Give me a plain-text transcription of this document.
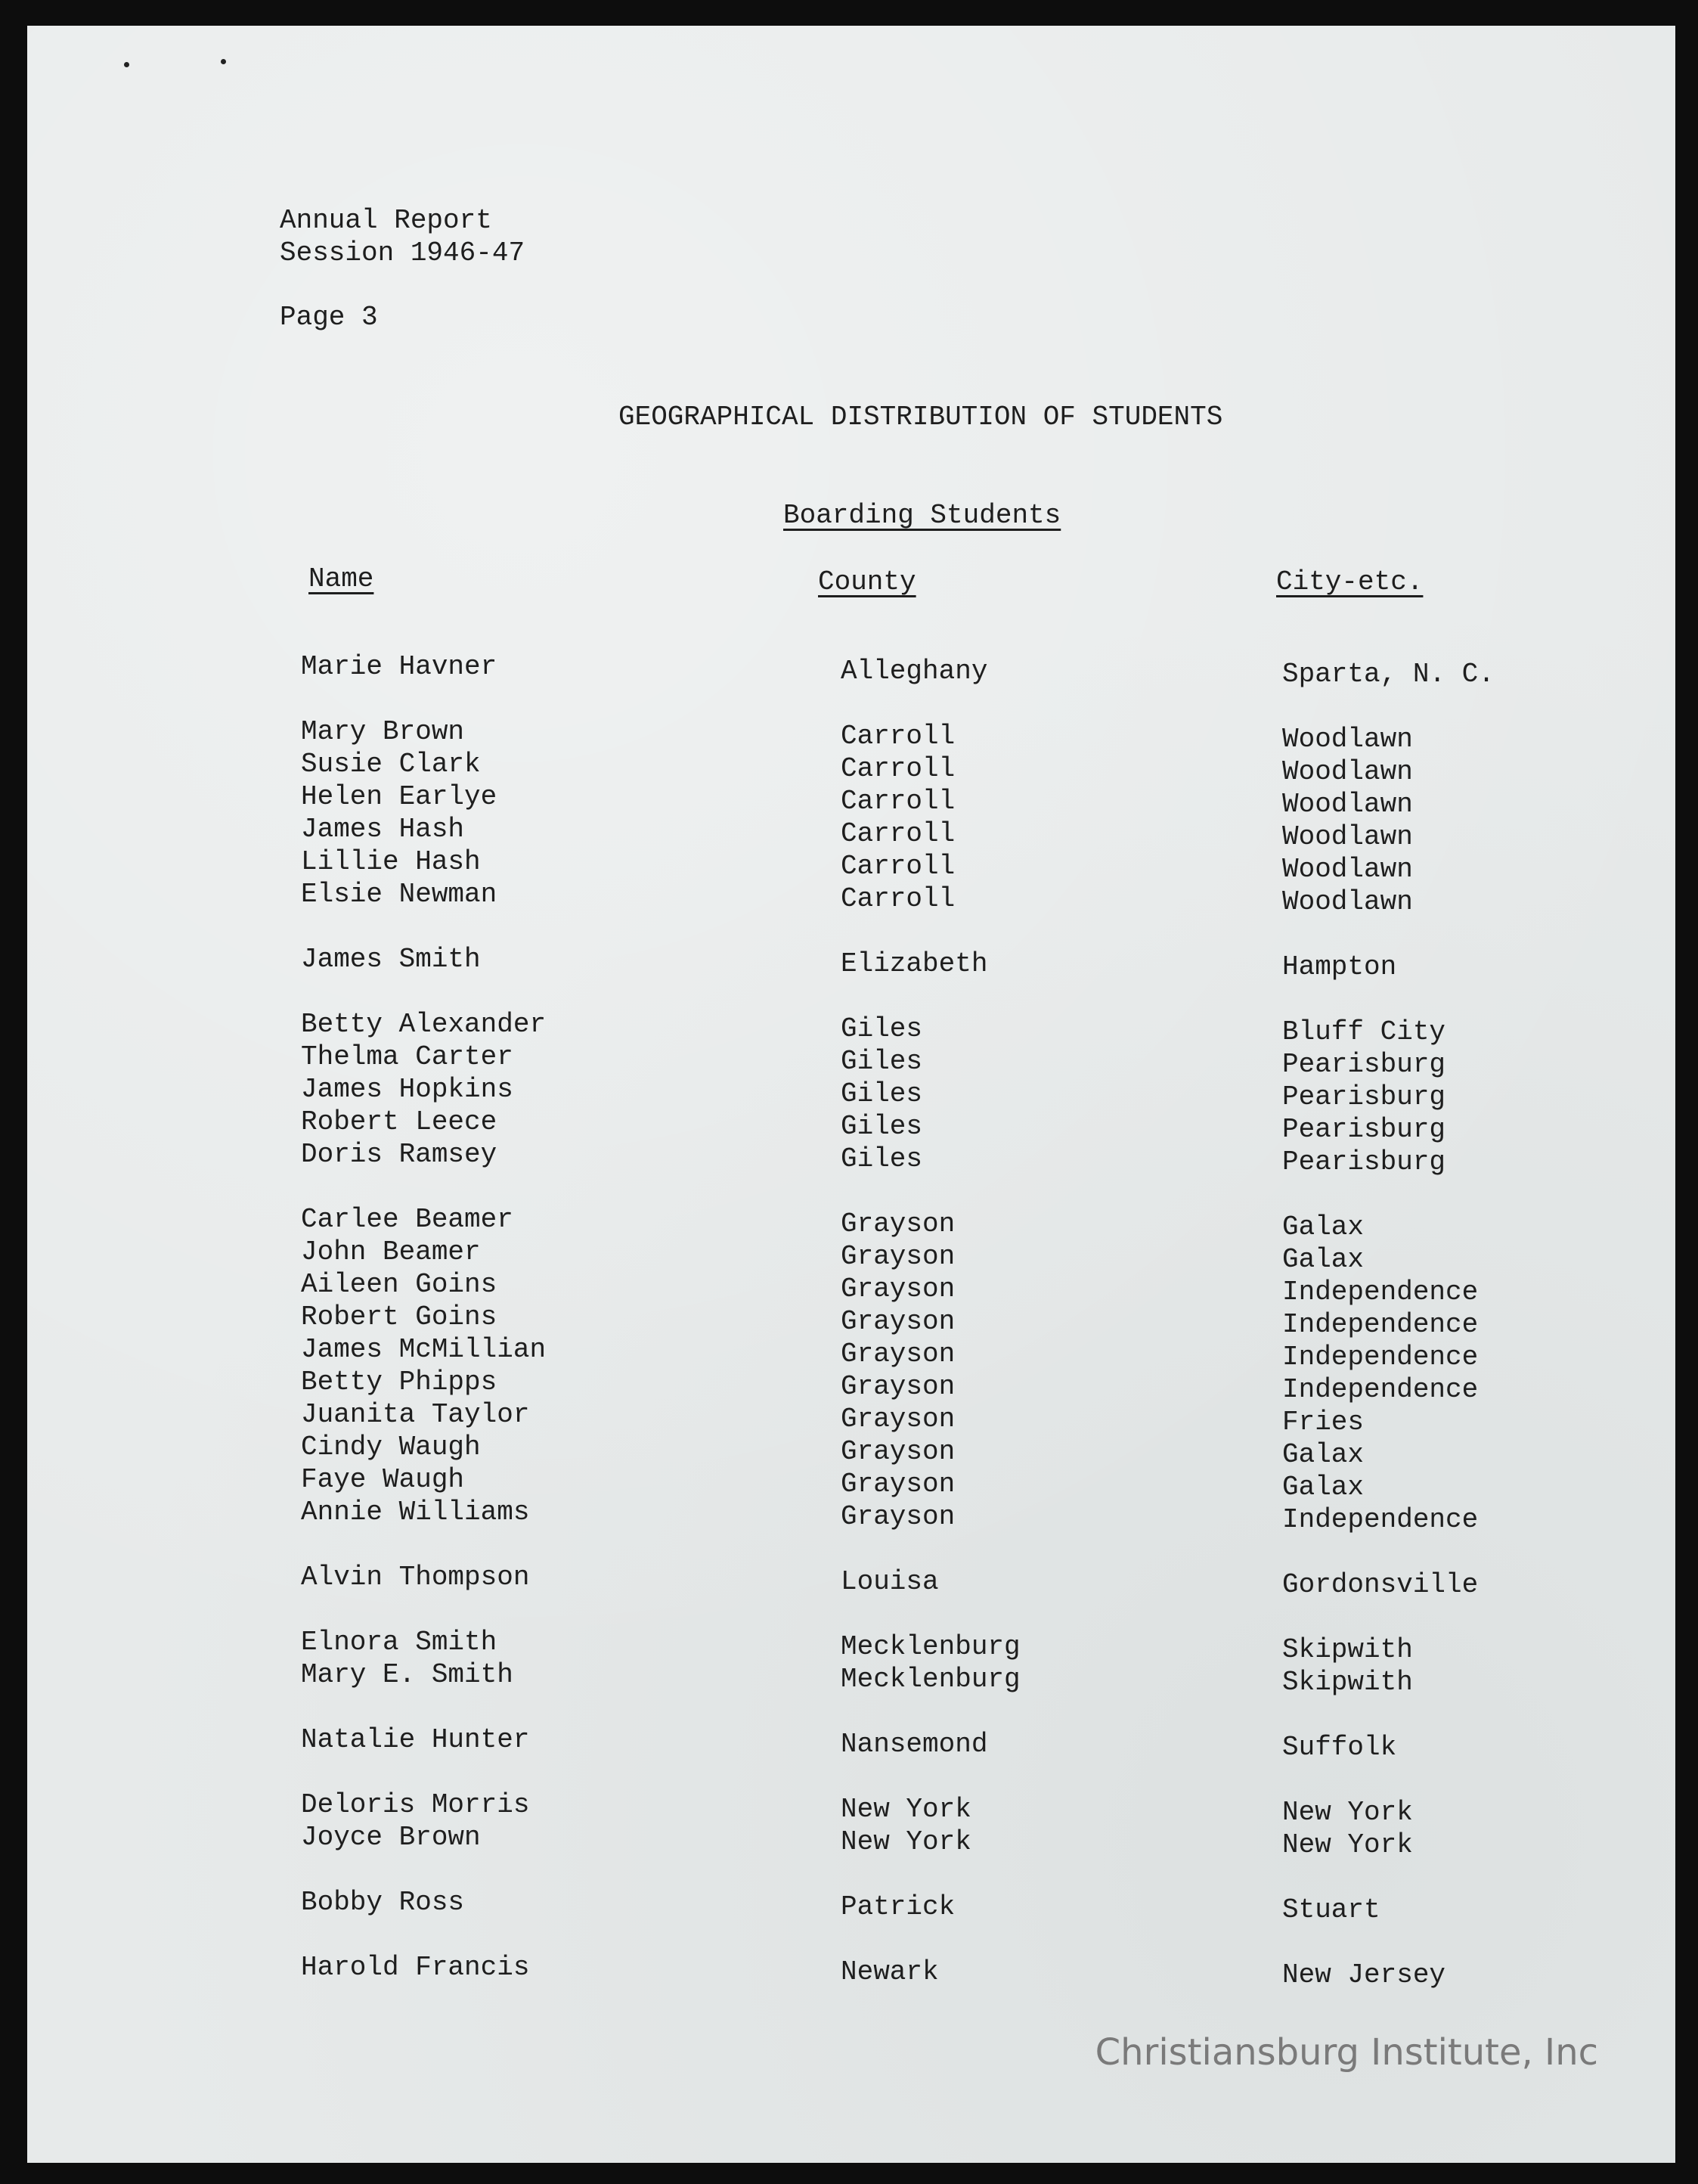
Annual Report
Session 1946-47
Page 3
GEOGRAPHICAL DISTRIBUTION OF STUDENTS
Boarding Students
Name	County	City-etc.
Marie Havner	Alleghany	Sparta, N. C.
Mary Brown	Carroll	Woodlawn
Susie Clark	Carroll	Woodlawn
Helen Earlye	Carroll	Woodlawn
James Hash	Carroll	Woodlawn
Lillie Hash	Carroll	Woodlawn
Elsie Newman	Carroll	Woodlawn
James Smith	Elizabeth	Hampton
Betty Alexander	Giles	Bluff City
Thelma Carter	Giles	Pearisburg
James Hopkins	Giles	Pearisburg
Robert Leece	Giles	Pearisburg
Doris Ramsey	Giles	Pearisburg
Carlee Beamer	Grayson	Galax
John Beamer	Grayson	Galax
Aileen Goins	Grayson	Independence
Robert Goins	Grayson	Independence
James McMillian	Grayson	Independence
Betty Phipps	Grayson	Independence
Juanita Taylor	Grayson	Fries
Cindy Waugh	Grayson	Galax
Faye Waugh	Grayson	Galax
Annie Williams	Grayson	Independence
Alvin Thompson	Louisa	Gordonsville
Elnora Smith	Mecklenburg	Skipwith
Mary E. Smith	Mecklenburg	Skipwith
Natalie Hunter	Nansemond	Suffolk
Deloris Morris	New York	New York
Joyce Brown	New York	New York
Bobby Ross	Patrick	Stuart
Harold Francis	Newark	New Jersey
Christiansburg Institute, Inc
